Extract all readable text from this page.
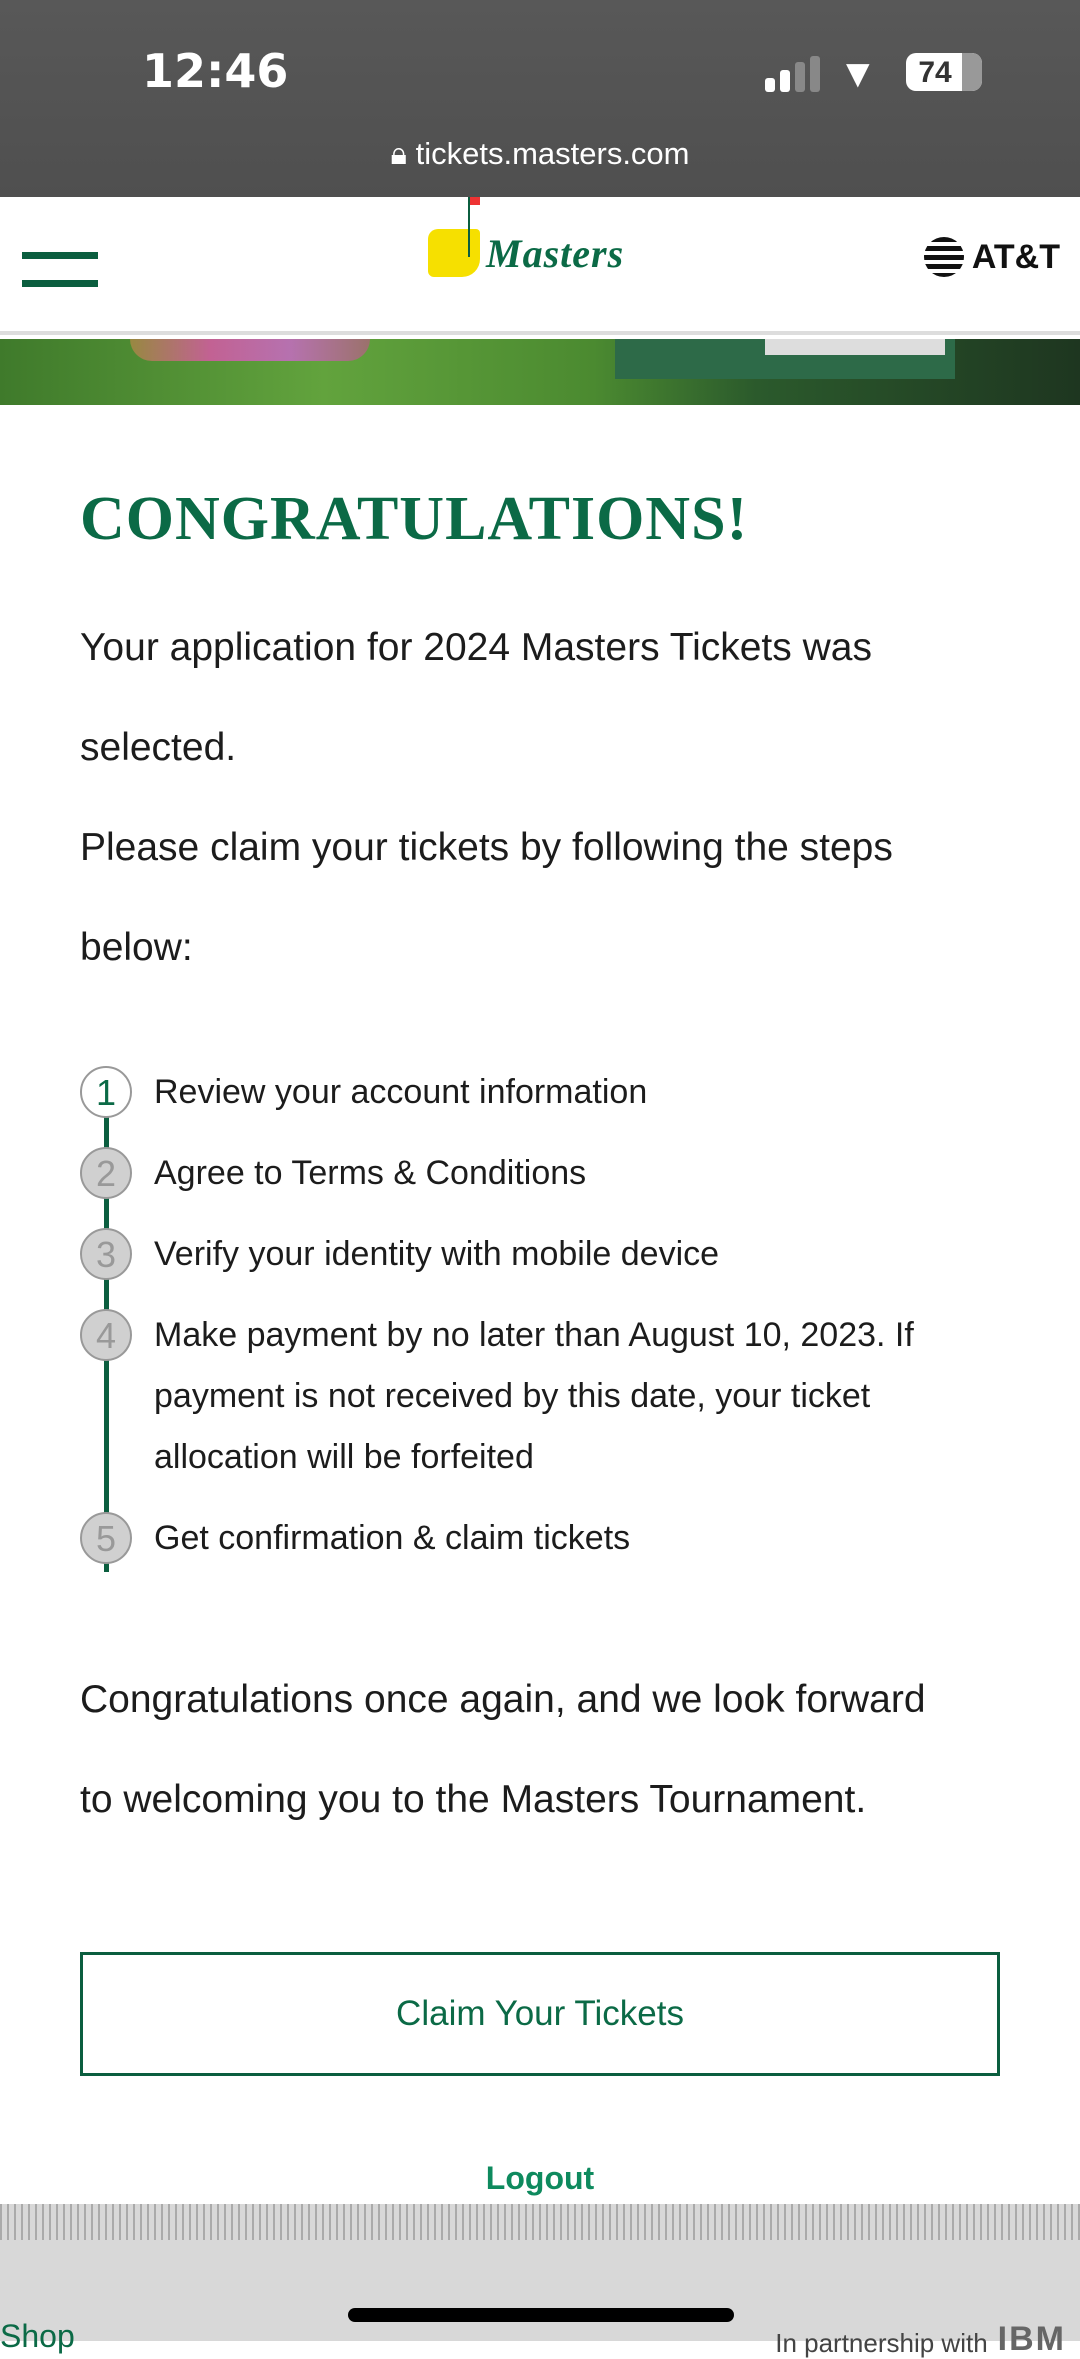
12:46	▼	74
🔒︎ tickets.masters.com
Masters	AT&T
CONGRATULATIONS!
Your application for 2024 Masters Tickets was
selected.
Please claim your tickets by following the steps
below:
1	Review your account information
2	Agree to Terms & Conditions
3	Verify your identity with mobile device
4	Make payment by no later than August 10, 2023. If payment is not received by this date, your ticket allocation will be forfeited
5	Get confirmation & claim tickets
Congratulations once again, and we look forward
to welcoming you to the Masters Tournament.
Claim Your Tickets
Logout
Shop	In partnership with IBM
